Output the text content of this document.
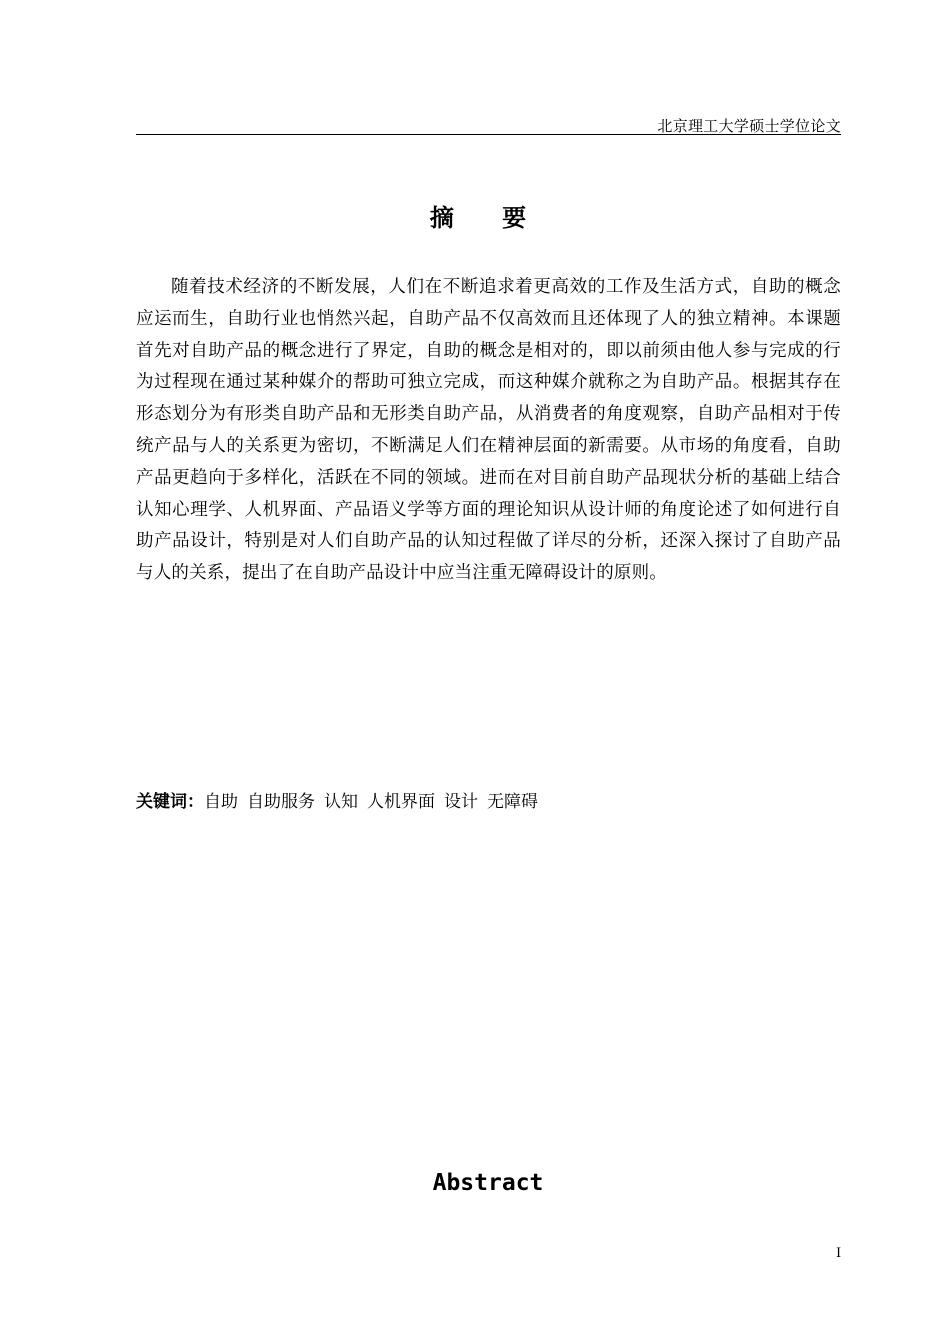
北京理工大学硕士学位论文
摘 要
随着技术经济的不断发展，人们在不断追求着更高效的工作及生活方式，自助的概念应运而生，自助行业也悄然兴起，自助产品不仅高效而且还体现了人的独立精神。本课题首先对自助产品的概念进行了界定，自助的概念是相对的，即以前须由他人参与完成的行为过程现在通过某种媒介的帮助可独立完成，而这种媒介就称之为自助产品。根据其存在形态划分为有形类自助产品和无形类自助产品，从消费者的角度观察，自助产品相对于传统产品与人的关系更为密切，不断满足人们在精神层面的新需要。从市场的角度看，自助产品更趋向于多样化，活跃在不同的领域。进而在对目前自助产品现状分析的基础上结合认知心理学、人机界面、产品语义学等方面的理论知识从设计师的角度论述了如何进行自助产品设计，特别是对人们自助产品的认知过程做了详尽的分析，还深入探讨了自助产品与人的关系，提出了在自助产品设计中应当注重无障碍设计的原则。
关键词：自助 自助服务 认知 人机界面 设计 无障碍
Abstract
I
